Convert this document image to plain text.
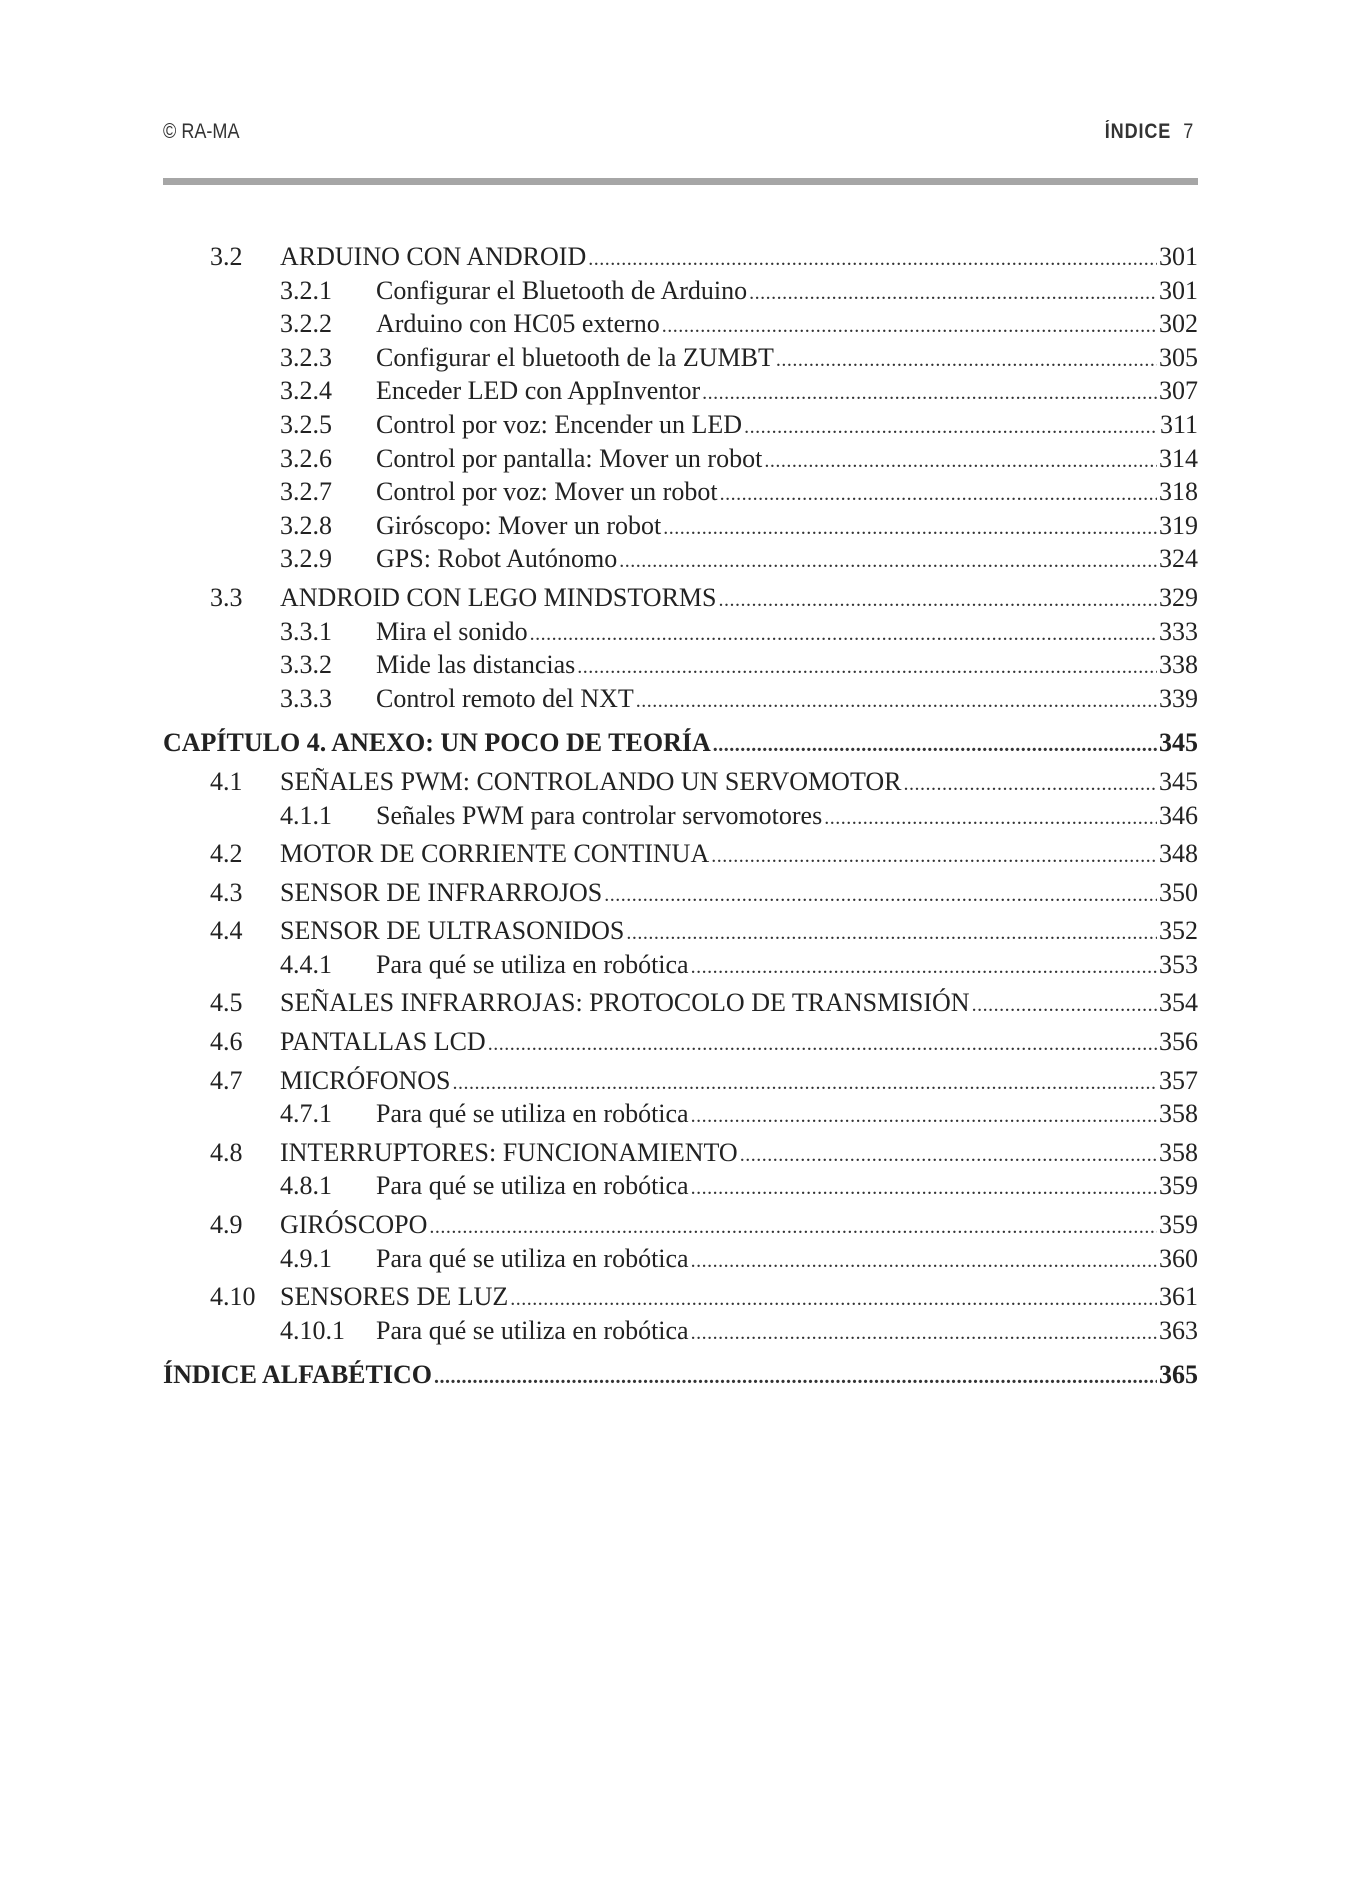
© RA-MA	ÍNDICE 7
3.2	ARDUINO CON ANDROID .....	301
3.2.1	Configurar el Bluetooth de Arduino .....	301
3.2.2	Arduino con HC05 externo .....	302
3.2.3	Configurar el bluetooth de la ZUMBT .....	305
3.2.4	Enceder LED con AppInventor .....	307
3.2.5	Control por voz: Encender un LED .....	311
3.2.6	Control por pantalla: Mover un robot .....	314
3.2.7	Control por voz: Mover un robot .....	318
3.2.8	Giróscopo: Mover un robot .....	319
3.2.9	GPS: Robot Autónomo .....	324
3.3	ANDROID CON LEGO MINDSTORMS .....	329
3.3.1	Mira el sonido .....	333
3.3.2	Mide las distancias .....	338
3.3.3	Control remoto del NXT .....	339
CAPÍTULO 4. ANEXO: UN POCO DE TEORÍA .....	345
4.1	SEÑALES PWM: CONTROLANDO UN SERVOMOTOR .....	345
4.1.1	Señales PWM para controlar servomotores .....	346
4.2	MOTOR DE CORRIENTE CONTINUA .....	348
4.3	SENSOR DE INFRARROJOS .....	350
4.4	SENSOR DE ULTRASONIDOS .....	352
4.4.1	Para qué se utiliza en robótica .....	353
4.5	SEÑALES INFRARROJAS: PROTOCOLO DE TRANSMISIÓN .....	354
4.6	PANTALLAS LCD .....	356
4.7	MICRÓFONOS .....	357
4.7.1	Para qué se utiliza en robótica .....	358
4.8	INTERRUPTORES: FUNCIONAMIENTO .....	358
4.8.1	Para qué se utiliza en robótica .....	359
4.9	GIRÓSCOPO .....	359
4.9.1	Para qué se utiliza en robótica .....	360
4.10 SENSORES DE LUZ .....	361
4.10.1	Para qué se utiliza en robótica .....	363
ÍNDICE ALFABÉTICO .....	365
